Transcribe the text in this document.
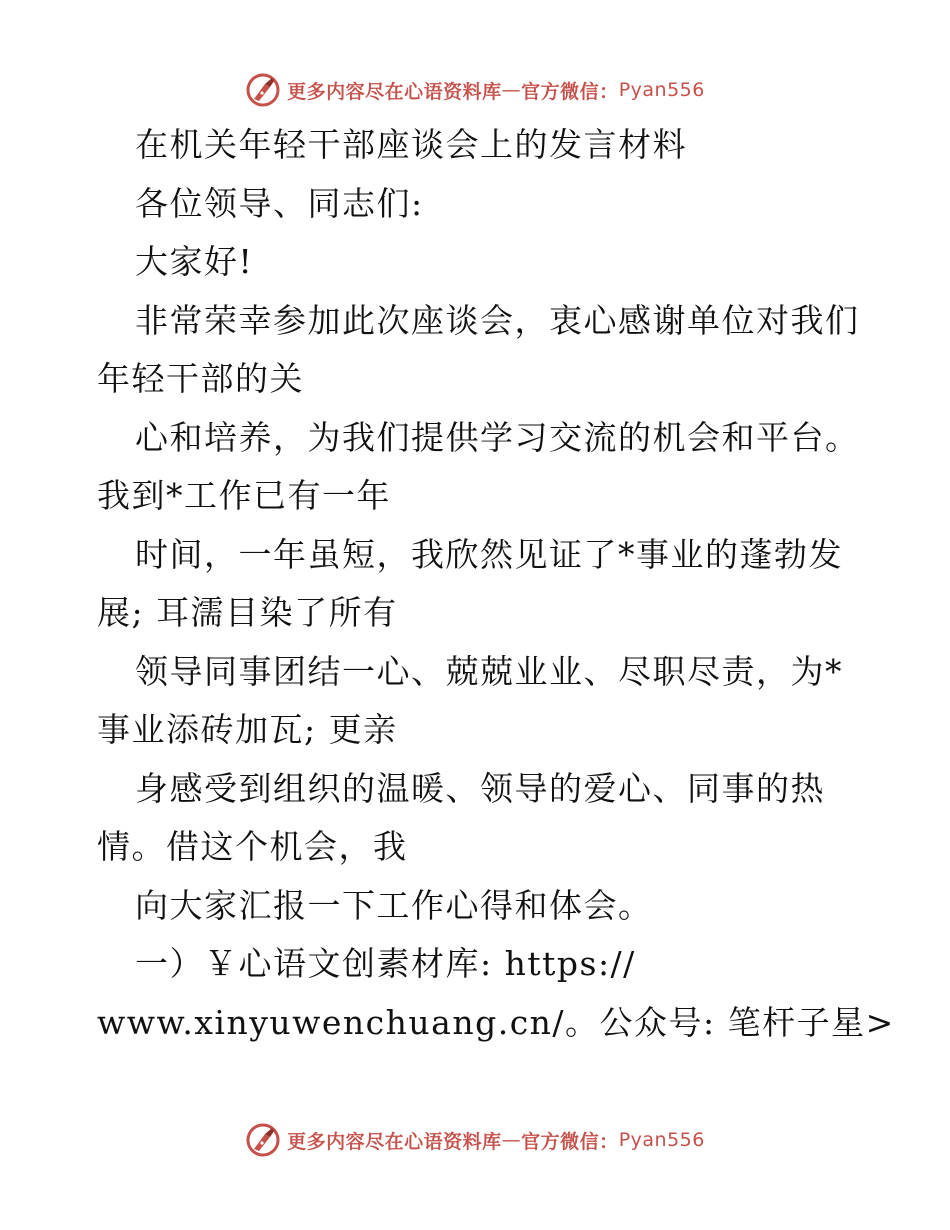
更多内容尽在心语资料库 — 官方微信： Pyan556
在机关年轻干部座谈会上的发言材料
各位领导、同志们:
大家好!
非常荣幸参加此次座谈会，衷心感谢单位对我们
年轻干部的关
心和培养，为我们提供学习交流的机会和平台。
我到*工作已有一年
时间，一年虽短，我欣然见证了*事业的蓬勃发
展; 耳濡目染了所有
领导同事团结一心、兢兢业业、尽职尽责，为*
事业添砖加瓦; 更亲
身感受到组织的温暖、领导的爱心、同事的热
情。借这个机会，我
向大家汇报一下工作心得和体会。
一）￥心语文创素材库: https://
www.xinyuwenchuang.cn/。公众号: 笔杆子星>
更多内容尽在心语资料库 — 官方微信： Pyan556
